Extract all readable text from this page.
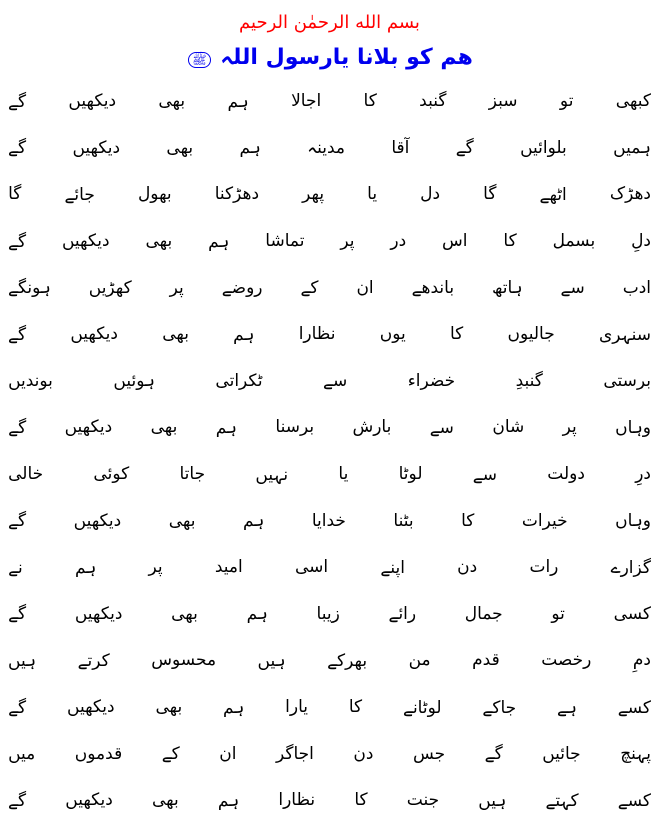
بسم الله الرحمٰن الرحيم
ھم کو بلانا یارسول اللہ ﷺ
کبھی
تو
سبز
گنبد
کا
اجالا
ہم
بھی
دیکھیں
گے
ہمیں
بلوائیں
گے
آقا
مدینہ
ہم
بھی
دیکھیں
گے
دھڑک
اٹھے
گا
دل
یا
پھر
دھڑکنا
بھول
جائے
گا
دلِ
بسمل
کا
اس
در
پر
تماشا
ہم
بھی
دیکھیں
گے
ادب
سے
ہاتھ
باندھے
ان
کے
روضے
پر
کھڑیں
ہونگے
سنہری
جالیوں
کا
یوں
نظارا
ہم
بھی
دیکھیں
گے
برستی
گنبدِ
خضراء
سے
ٹکراتی
ہوئیں
بوندیں
وہاں
پر
شان
سے
بارش
برسنا
ہم
بھی
دیکھیں
گے
درِ
دولت
سے
لوٹا
یا
نہیں
جاتا
کوئی
خالی
وہاں
خیرات
کا
بٹنا
خدایا
ہم
بھی
دیکھیں
گے
گزارے
رات
دن
اپنے
اسی
امید
پر
ہم
نے
کسی
تو
جمال
رائے
زیبا
ہم
بھی
دیکھیں
گے
دمِ
رخصت
قدم
من
بھرکے
ہیں
محسوس
کرتے
ہیں
کسے
ہے
جاکے
لوٹانے
کا
یارا
ہم
بھی
دیکھیں
گے
پہنچ
جائیں
گے
جس
دن
اجاگر
ان
کے
قدموں
میں
کسے
کہتے
ہیں
جنت
کا
نظارا
ہم
بھی
دیکھیں
گے
